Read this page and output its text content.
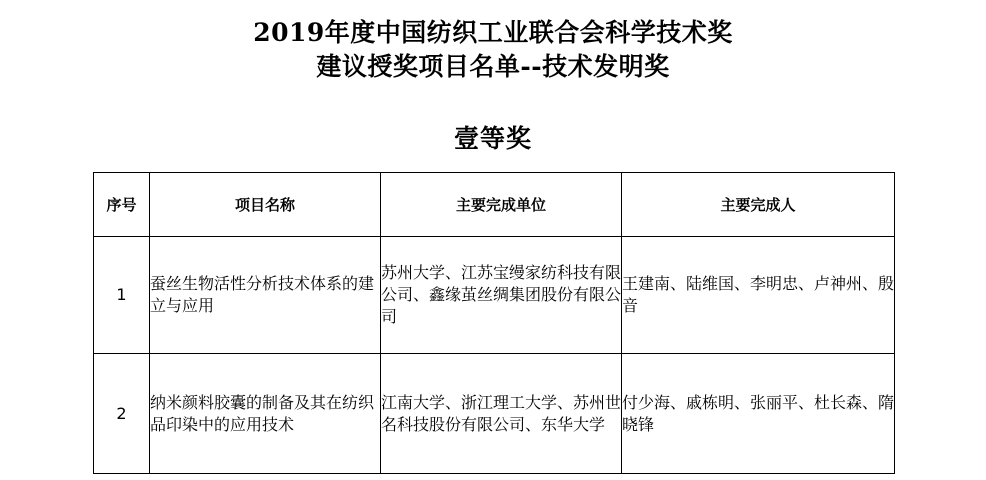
2019年度中国纺织工业联合会科学技术奖
建议授奖项目名单--技术发明奖
壹等奖
序号	项目名称	主要完成单位	主要完成人
1	蚕丝生物活性分析技术体系的建立与应用	苏州大学、江苏宝缦家纺科技有限公司、鑫缘茧丝绸集团股份有限公司	王建南、陆维国、李明忠、卢神州、殷　音
2	纳米颜料胶囊的制备及其在纺织品印染中的应用技术	江南大学、浙江理工大学、苏州世名科技股份有限公司、东华大学	付少海、戚栋明、张丽平、杜长森、隋晓锋
